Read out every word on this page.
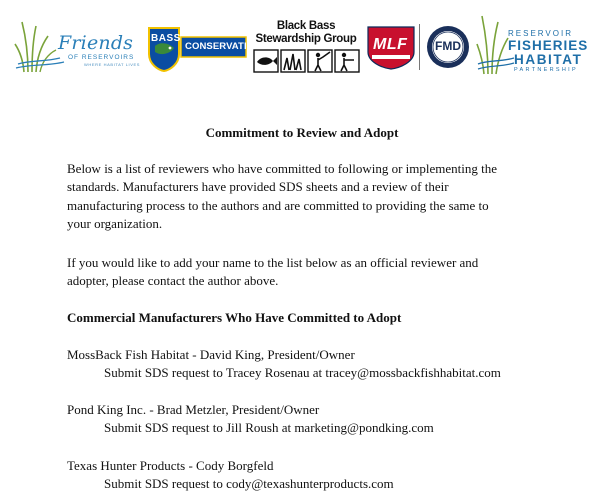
Friends
OF RESERVOIRS
WHERE HABITAT LIVES
BASS
CONSERVATION
Black Bass
Stewardship Group MLF FMD
RESERVOIR
FISHERIES
HABITAT
PARTNERSHIP
Commitment to Review and Adopt
Below is a list of reviewers who have committed to following or implementing the
standards. Manufacturers have provided SDS sheets and a review of their
manufacturing process to the authors and are committed to providing the same to
your organization.
If you would like to add your name to the list below as an official reviewer and
adopter, please contact the author above.
Commercial Manufacturers Who Have Committed to Adopt
MossBack Fish Habitat - David King, President/Owner
Submit SDS request to Tracey Rosenau at tracey@mossbackfishhabitat.com
Pond King Inc. - Brad Metzler, President/Owner
Submit SDS request to Jill Roush at marketing@pondking.com
Texas Hunter Products - Cody Borgfeld
Submit SDS request to cody@texashunterproducts.com
